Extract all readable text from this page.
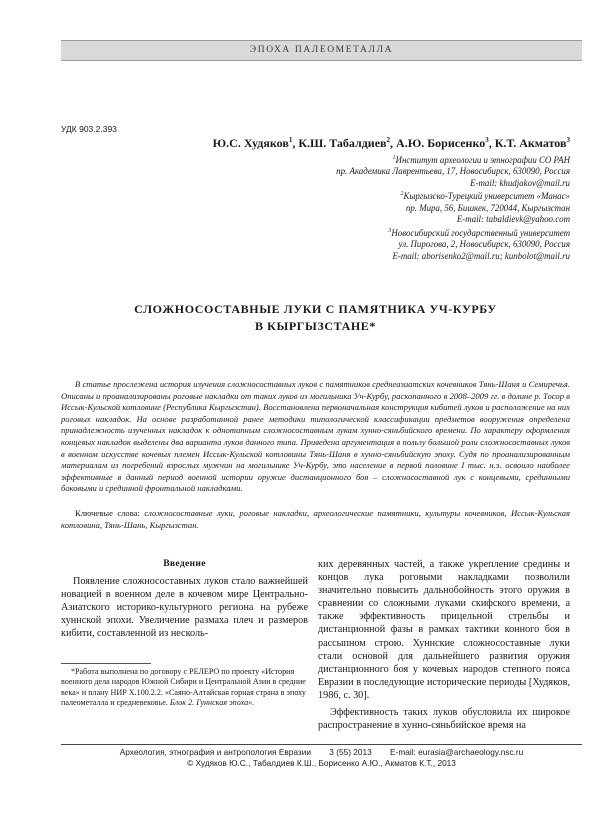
ЭПОХА ПАЛЕОМЕТАЛЛА
УДК 903.2.393
Ю.С. Худяков$^1$, К.Ш. Табалдиев$^2$, А.Ю. Борисенко$^3$, К.Т. Акматов$^3$
$^1$Институт археологии и этнографии СО РАН
пр. Академика Лаврентьева, 17, Новосибирск, 630090, Россия
E-mail: khudjakov@mail.ru
$^2$Кыргызско-Турецкий университет «Манас»
пр. Мира, 56, Бишкек, 720044, Кыргызстан
E-mail: tabaldievk@yahoo.com
$^3$Новосибирский государственный университет
ул. Пирогова, 2, Новосибирск, 630090, Россия
E-mail: aborisenko2@mail.ru; kunbolot@mail.ru
СЛОЖНОСОСТАВНЫЕ ЛУКИ С ПАМЯТНИКА УЧ-КУРБУ
В КЫРГЫЗСТАНЕ*
В статье прослежена история изучения сложносоставных луков с памятников среднеазиатских кочевников Тянь-Шаня и Семиречья. Описаны и проанализированы роговые накладки от таких луков из могильника Уч-Курбу, раскопанного в 2008–2009 гг. в долине р. Тосор в Иссык-Кульской котловине (Республика Кыргызстан). Восстановлена первоначальная конструкция кибитей луков и расположение на них роговых накладок. На основе разработанной ранее методики типологической классификации предметов вооружения определена принадлежность изученных накладок к однотипным сложносоставным лукам хунно-сяньбийского времени. По характеру оформления концевых накладок выделены два варианта луков данного типа. Приведена аргументация в пользу большой роли сложносоставных луков в военном искусстве кочевых племен Иссык-Кульской котловины Тянь-Шаня в хунно-сяньбийскую эпоху. Судя по проанализированным материалам из погребений взрослых мужчин на могильнике Уч-Курбу, это население в первой половине I тыс. н.э. освоило наиболее эффективные в данный период военной истории оружие дистанционного боя – сложносоставной лук с концевыми, срединными боковыми и срединной фронтальной накладками.
Ключевые слова: сложносоставные луки, роговые накладки, археологические памятники, культуры кочевников, Иссык-Кульская котловина, Тянь-Шань, Кыргызстан.
Введение
Появление сложносоставных луков стало важнейшей новацией в военном деле в кочевом мире Центрально-Азиатского историко-культурного региона на рубеже хуннской эпохи. Увеличение размаха плеч и размеров кибити, составленной из несколь-
*Работа выполнена по договору с РЕЛЕРО по проекту «История военного дела народов Южной Сибири и Центральной Азии в средние века» и плану НИР Х.100.2.2. «Саяно-Алтайская горная страна в эпоху палеометалла и средневековье. Блок 2. Гуннская эпоха».

ких деревянных частей, а также укрепление средины и концов лука роговыми накладками позволили значительно повысить дальнобойность этого оружия в сравнении со сложными луками скифского времени, а также эффективность прицельной стрельбы и дистанционной фазы в рамках тактики конного боя в рассыпном строю. Хуннские сложносоставные луки стали основой для дальнейшего развития оружия дистанционного боя у кочевых народов степного пояса Евразии в последующие исторические периоды [Худяков, 1986, с. 30].

Эффективность таких луков обусловила их широкое распространение в хунно-сяньбийское время на

Археология, этнография и антропология Евразии 3 (55) 2013 E-mail: eurasia@archaeology.nsc.ru
© Худяков Ю.С., Табалдиев К.Ш., Борисенко А.Ю., Акматов К.Т., 2013
